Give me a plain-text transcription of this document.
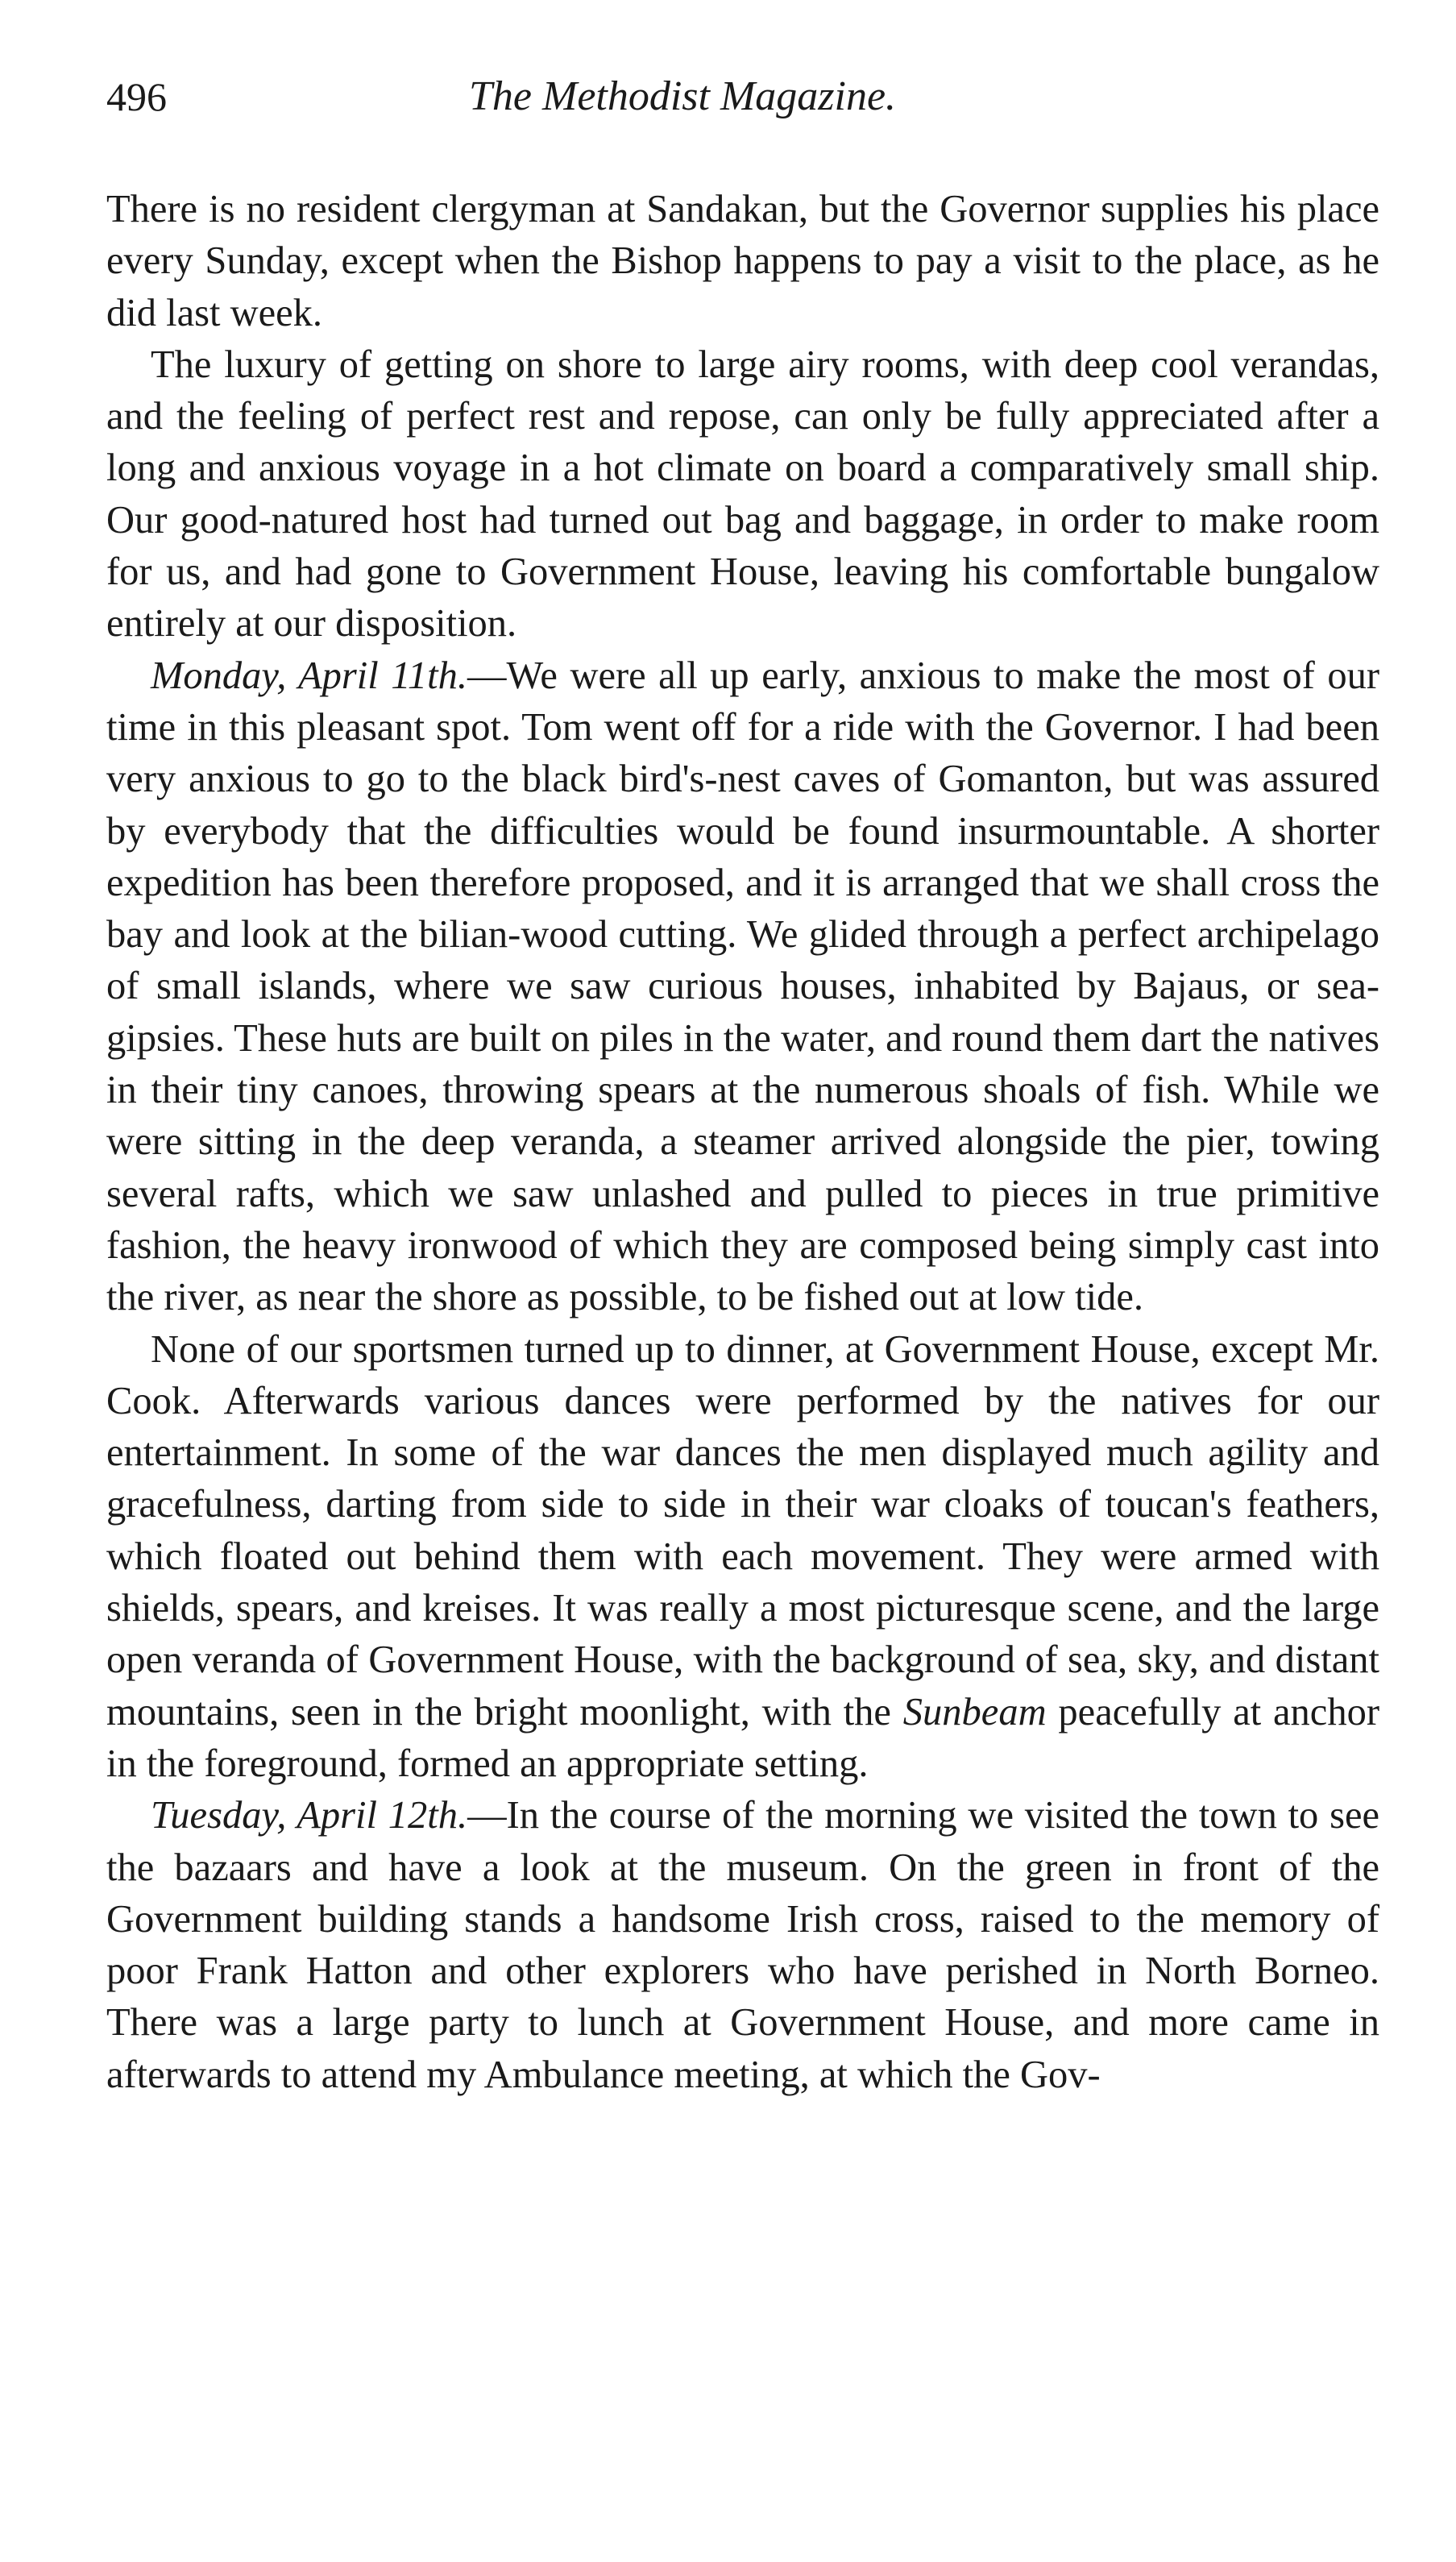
496	The Methodist Magazine.

There is no resident clergyman at Sandakan, but the Governor supplies his place every Sunday, except when the Bishop happens to pay a visit to the place, as he did last week.

The luxury of getting on shore to large airy rooms, with deep cool verandas, and the feeling of perfect rest and repose, can only be fully appreciated after a long and anxious voyage in a hot climate on board a comparatively small ship. Our good-natured host had turned out bag and baggage, in order to make room for us, and had gone to Government House, leaving his comfortable bungalow entirely at our disposition.

Monday, April 11th.—We were all up early, anxious to make the most of our time in this pleasant spot. Tom went off for a ride with the Governor. I had been very anxious to go to the black bird's-nest caves of Gomanton, but was assured by everybody that the difficulties would be found insurmountable. A shorter expedition has been therefore proposed, and it is arranged that we shall cross the bay and look at the bilian-wood cutting. We glided through a perfect archipelago of small islands, where we saw curious houses, inhabited by Bajaus, or sea-gipsies. These huts are built on piles in the water, and round them dart the natives in their tiny canoes, throwing spears at the numerous shoals of fish. While we were sitting in the deep veranda, a steamer arrived alongside the pier, towing several rafts, which we saw unlashed and pulled to pieces in true primitive fashion, the heavy ironwood of which they are composed being simply cast into the river, as near the shore as possible, to be fished out at low tide.

None of our sportsmen turned up to dinner, at Government House, except Mr. Cook. Afterwards various dances were performed by the natives for our entertainment. In some of the war dances the men displayed much agility and gracefulness, darting from side to side in their war cloaks of toucan's feathers, which floated out behind them with each movement. They were armed with shields, spears, and kreises. It was really a most picturesque scene, and the large open veranda of Government House, with the background of sea, sky, and distant mountains, seen in the bright moonlight, with the Sunbeam peacefully at anchor in the foreground, formed an appropriate setting.

Tuesday, April 12th.—In the course of the morning we visited the town to see the bazaars and have a look at the museum. On the green in front of the Government building stands a handsome Irish cross, raised to the memory of poor Frank Hatton and other explorers who have perished in North Borneo. There was a large party to lunch at Government House, and more came in afterwards to attend my Ambulance meeting, at which the Gov-
